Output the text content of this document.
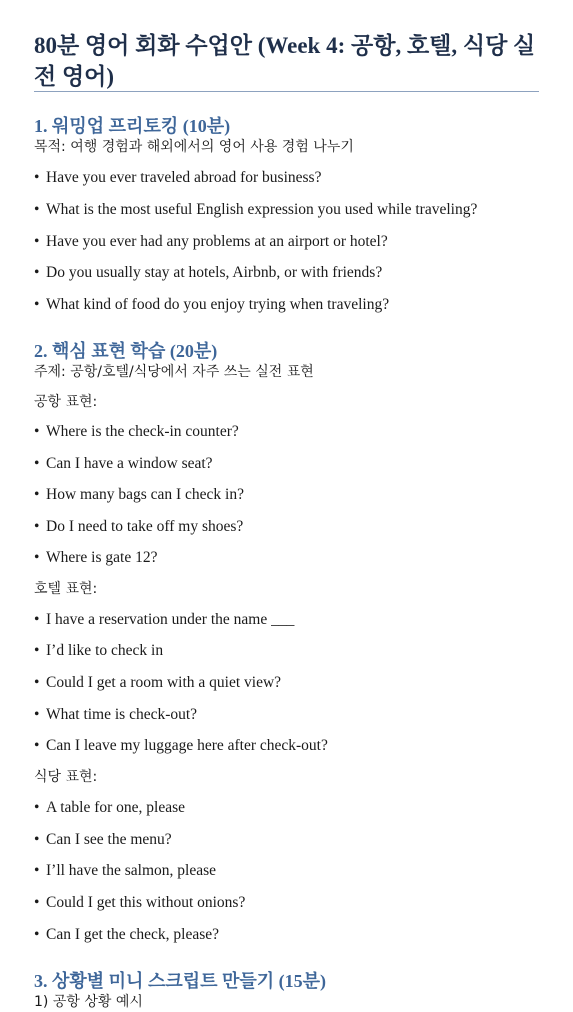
80분 영어 회화 수업안 (Week 4: 공항, 호텔, 식당 실전 영어)
1. 워밍업 프리토킹 (10분)

목적: 여행 경험과 해외에서의 영어 사용 경험 나누기

• Have you ever traveled abroad for business?

• What is the most useful English expression you used while traveling?

• Have you ever had any problems at an airport or hotel?

• Do you usually stay at hotels, Airbnb, or with friends?

• What kind of food do you enjoy trying when traveling?

2. 핵심 표현 학습 (20분)

주제: 공항/호텔/식당에서 자주 쓰는 실전 표현

공항 표현:

• Where is the check-in counter?

• Can I have a window seat?

• How many bags can I check in?

• Do I need to take off my shoes?

• Where is gate 12?

호텔 표현:

• I have a reservation under the name ___

• I’d like to check in

• Could I get a room with a quiet view?

• What time is check-out?

• Can I leave my luggage here after check-out?

식당 표현:

• A table for one, please

• Can I see the menu?

• I’ll have the salmon, please

• Could I get this without onions?

• Can I get the check, please?

3. 상황별 미니 스크립트 만들기 (15분)

1) 공항 상황 예시
